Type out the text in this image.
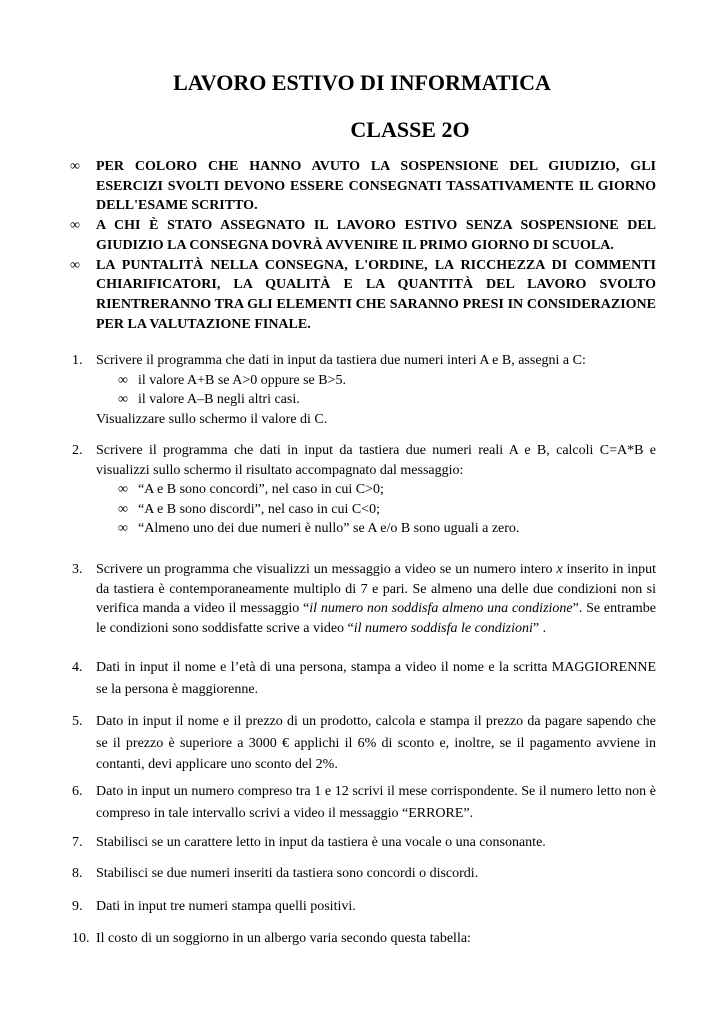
LAVORO ESTIVO DI INFORMATICA
CLASSE 2O
∞ PER COLORO CHE HANNO AVUTO LA SOSPENSIONE DEL GIUDIZIO, GLI ESERCIZI SVOLTI DEVONO ESSERE CONSEGNATI TASSATIVAMENTE IL GIORNO DELL'ESAME SCRITTO.
∞ A CHI È STATO ASSEGNATO IL LAVORO ESTIVO SENZA SOSPENSIONE DEL GIUDIZIO LA CONSEGNA DOVRÀ AVVENIRE IL PRIMO GIORNO DI SCUOLA.
∞ LA PUNTALITÀ NELLA CONSEGNA, L'ORDINE, LA RICCHEZZA DI COMMENTI CHIARIFICATORI, LA QUALITÀ E LA QUANTITÀ DEL LAVORO SVOLTO RIENTRERANNO TRA GLI ELEMENTI CHE SARANNO PRESI IN CONSIDERAZIONE PER LA VALUTAZIONE FINALE.
1. Scrivere il programma che dati in input da tastiera due numeri interi A e B, assegni a C:
∞ il valore A+B se A>0 oppure se B>5.
∞ il valore A–B negli altri casi.
Visualizzare sullo schermo il valore di C.
2. Scrivere il programma che dati in input da tastiera due numeri reali A e B, calcoli C=A*B e visualizzi sullo schermo il risultato accompagnato dal messaggio:
∞ “A e B sono concordi”, nel caso in cui C>0;
∞ “A e B sono discordi”, nel caso in cui C<0;
∞ “Almeno uno dei due numeri è nullo” se A e/o B sono uguali a zero.
3. Scrivere un programma che visualizzi un messaggio a video se un numero intero x inserito in input da tastiera è contemporaneamente multiplo di 7 e pari. Se almeno una delle due condizioni non si verifica manda a video il messaggio “il numero non soddisfa almeno una condizione”. Se entrambe le condizioni sono soddisfatte scrive a video “il numero soddisfa le condizioni” .
4. Dati in input il nome e l’età di una persona, stampa a video il nome e la scritta MAGGIORENNE se la persona è maggiorenne.
5. Dato in input il nome e il prezzo di un prodotto, calcola e stampa il prezzo da pagare sapendo che se il prezzo è superiore a 3000 € applichi il 6% di sconto e, inoltre, se il pagamento avviene in contanti, devi applicare uno sconto del 2%.
6. Dato in input un numero compreso tra 1 e 12 scrivi il mese corrispondente. Se il numero letto non è compreso in tale intervallo scrivi a video il messaggio “ERRORE”.
7. Stabilisci se un carattere letto in input da tastiera è una vocale o una consonante.
8. Stabilisci se due numeri inseriti da tastiera sono concordi o discordi.
9. Dati in input tre numeri stampa quelli positivi.
10. Il costo di un soggiorno in un albergo varia secondo questa tabella:
